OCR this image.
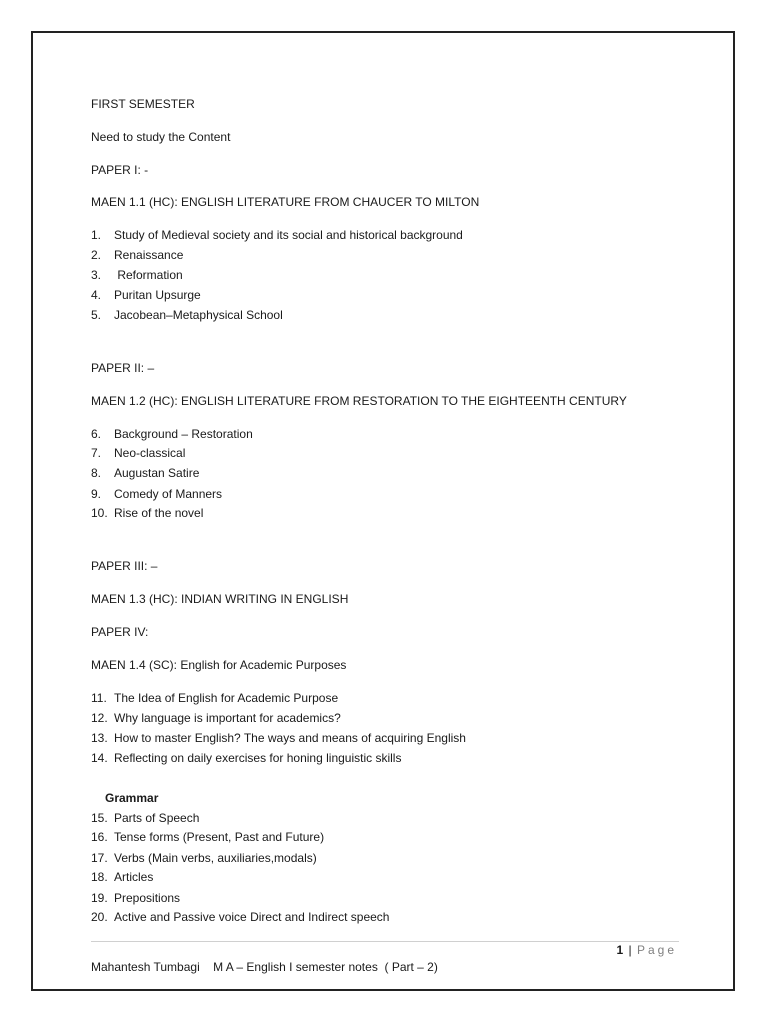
FIRST SEMESTER
Need to study the Content
PAPER I: -
MAEN 1.1 (HC): ENGLISH LITERATURE FROM CHAUCER TO MILTON
1. Study of Medieval society and its social and historical background
2. Renaissance
3. Reformation
4. Puritan Upsurge
5. Jacobean–Metaphysical School
PAPER II: –
MAEN 1.2 (HC): ENGLISH LITERATURE FROM RESTORATION TO THE EIGHTEENTH CENTURY
6. Background – Restoration
7. Neo-classical
8. Augustan Satire
9. Comedy of Manners
10. Rise of the novel
PAPER III: –
MAEN 1.3 (HC): INDIAN WRITING IN ENGLISH
PAPER IV:
MAEN 1.4 (SC): English for Academic Purposes
11. The Idea of English for Academic Purpose
12. Why language is important for academics?
13. How to master English? The ways and means of acquiring English
14. Reflecting on daily exercises for honing linguistic skills
Grammar
15. Parts of Speech
16. Tense forms (Present, Past and Future)
17. Verbs (Main verbs, auxiliaries,modals)
18. Articles
19. Prepositions
20. Active and Passive voice Direct and Indirect speech
1 | Page
Mahantesh Tumbagi    M A – English I semester notes  ( Part – 2)
